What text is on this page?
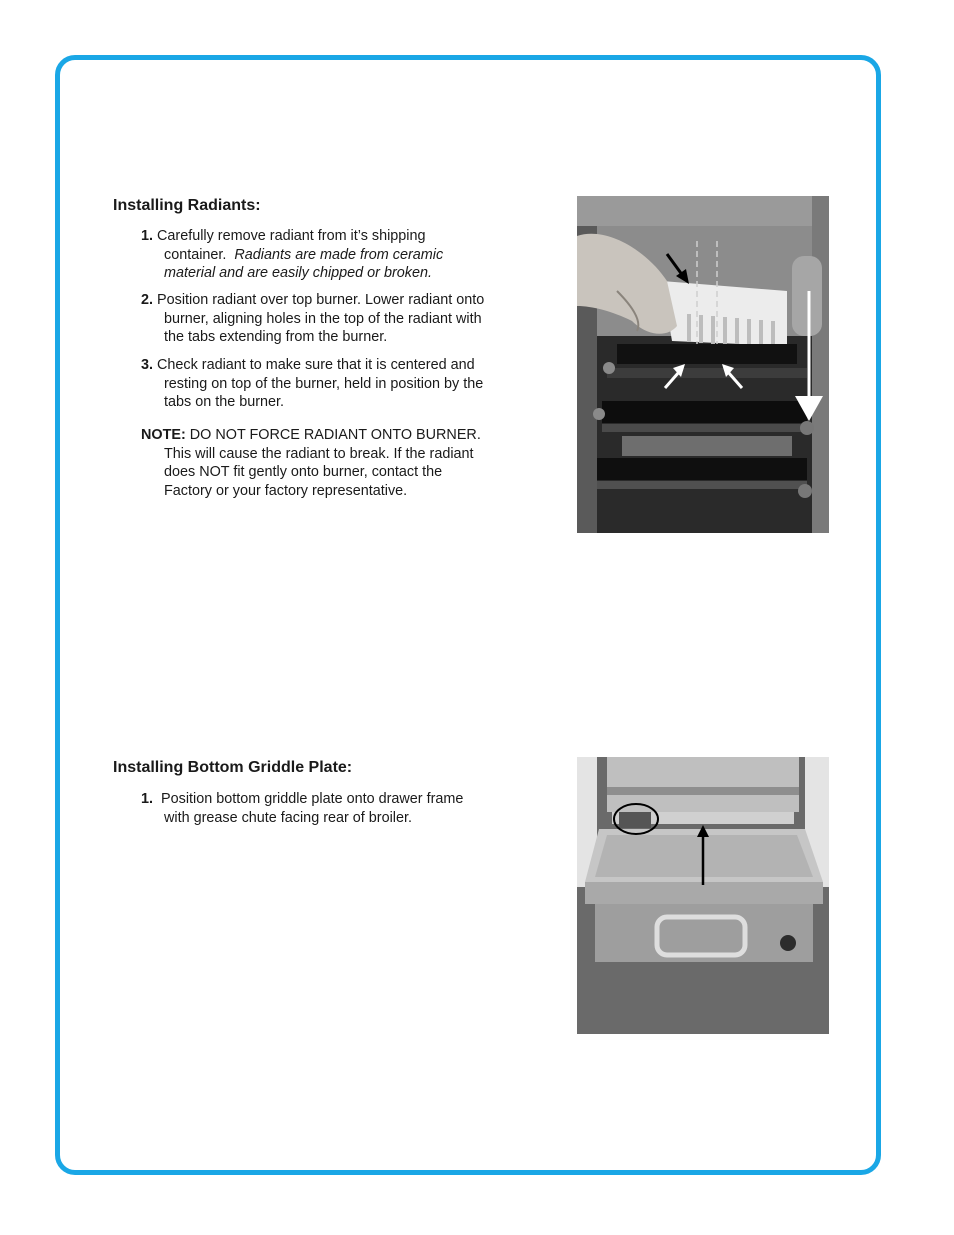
Installing Radiants:
1. Carefully remove radiant from it’s shipping
container. Radiants are made from ceramic
material and are easily chipped or broken.
2. Position radiant over top burner. Lower radiant onto
burner, aligning holes in the top of the radiant with
the tabs extending from the burner.
3. Check radiant to make sure that it is centered and
resting on top of the burner, held in position by the
tabs on the burner.
NOTE: DO NOT FORCE RADIANT ONTO BURNER.
This will cause the radiant to break. If the radiant
does NOT fit gently onto burner, contact the
Factory or your factory representative.
Installing Bottom Griddle Plate:
1. Position bottom griddle plate onto drawer frame
with grease chute facing rear of broiler.
